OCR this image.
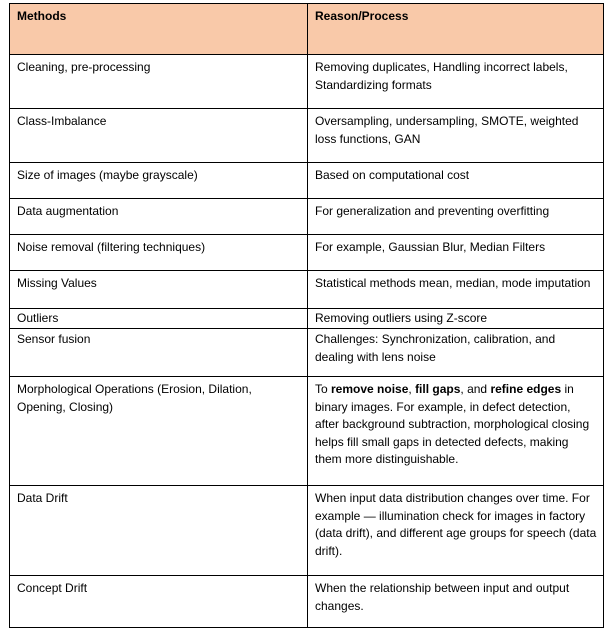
Methods	Reason/Process
Cleaning, pre-processing	Removing duplicates, Handling incorrect labels, Standardizing formats
Class-Imbalance	Oversampling, undersampling, SMOTE, weighted loss functions, GAN
Size of images (maybe grayscale)	Based on computational cost
Data augmentation	For generalization and preventing overfitting
Noise removal (filtering techniques)	For example, Gaussian Blur, Median Filters
Missing Values	Statistical methods mean, median, mode imputation
Outliers	Removing outliers using Z-score
Sensor fusion	Challenges: Synchronization, calibration, and dealing with lens noise
Morphological Operations (Erosion, Dilation, Opening, Closing)	To remove noise, fill gaps, and refine edges in binary images. For example, in defect detection, after background subtraction, morphological closing helps fill small gaps in detected defects, making them more distinguishable.
Data Drift	When input data distribution changes over time. For example — illumination check for images in factory (data drift), and different age groups for speech (data drift).
Concept Drift	When the relationship between input and output changes.
